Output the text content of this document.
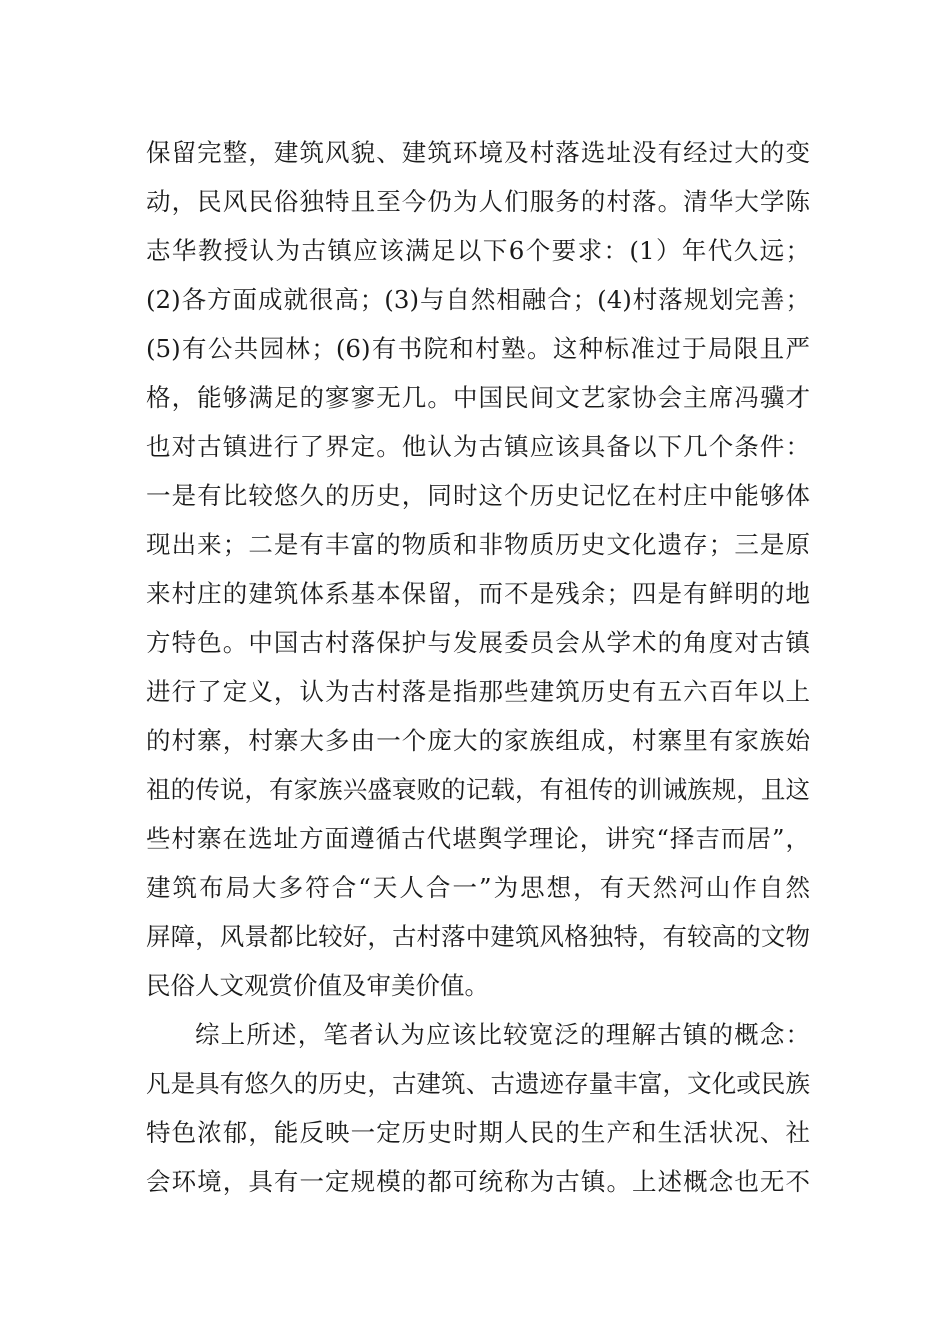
保留完整，建筑风貌、建筑环境及村落选址没有经过大的变
动，民风民俗独特且至今仍为人们服务的村落。清华大学陈
志华教授认为古镇应该满足以下6个要求：(1）年代久远；
(2)各方面成就很高；(3)与自然相融合；(4)村落规划完善；
(5)有公共园林；(6)有书院和村塾。这种标准过于局限且严
格，能够满足的寥寥无几。中国民间文艺家协会主席冯骥才
也对古镇进行了界定。他认为古镇应该具备以下几个条件：
一是有比较悠久的历史，同时这个历史记忆在村庄中能够体
现出来；二是有丰富的物质和非物质历史文化遗存；三是原
来村庄的建筑体系基本保留，而不是残余；四是有鲜明的地
方特色。中国古村落保护与发展委员会从学术的角度对古镇
进行了定义，认为古村落是指那些建筑历史有五六百年以上
的村寨，村寨大多由一个庞大的家族组成，村寨里有家族始
祖的传说，有家族兴盛衰败的记载，有祖传的训诫族规，且这
些村寨在选址方面遵循古代堪舆学理论，讲究“择吉而居”，
建筑布局大多符合“天人合一”为思想，有天然河山作自然
屏障，风景都比较好，古村落中建筑风格独特，有较高的文物
民俗人文观赏价值及审美价值。
综上所述，笔者认为应该比较宽泛的理解古镇的概念：
凡是具有悠久的历史，古建筑、古遗迹存量丰富，文化或民族
特色浓郁，能反映一定历史时期人民的生产和生活状况、社
会环境，具有一定规模的都可统称为古镇。上述概念也无不
